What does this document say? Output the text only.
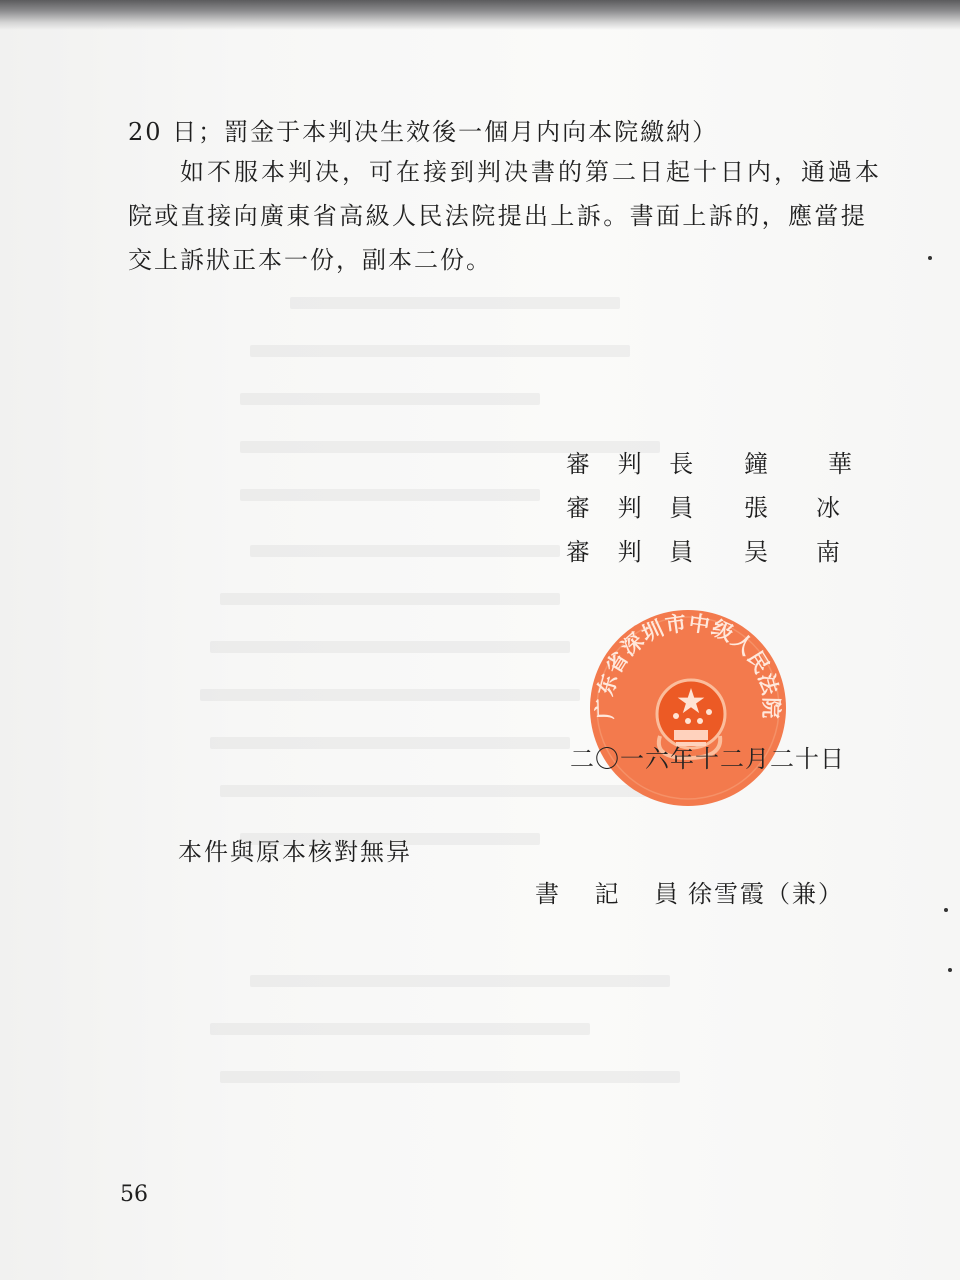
20 日；罰金于本判决生效後一個月内向本院繳納）
如不服本判决，可在接到判决書的第二日起十日内，通過本
院或直接向廣東省高級人民法院提出上訴。書面上訴的，應當提
交上訴狀正本一份，副本二份。
審 判 長 鐘　　華
審 判 員 張　冰
審 判 員 吴　南
广东省深圳市中级人民法院
二〇一六年十二月二十日
本件與原本核對無异
書 記 員
徐雪霞（兼）
56
